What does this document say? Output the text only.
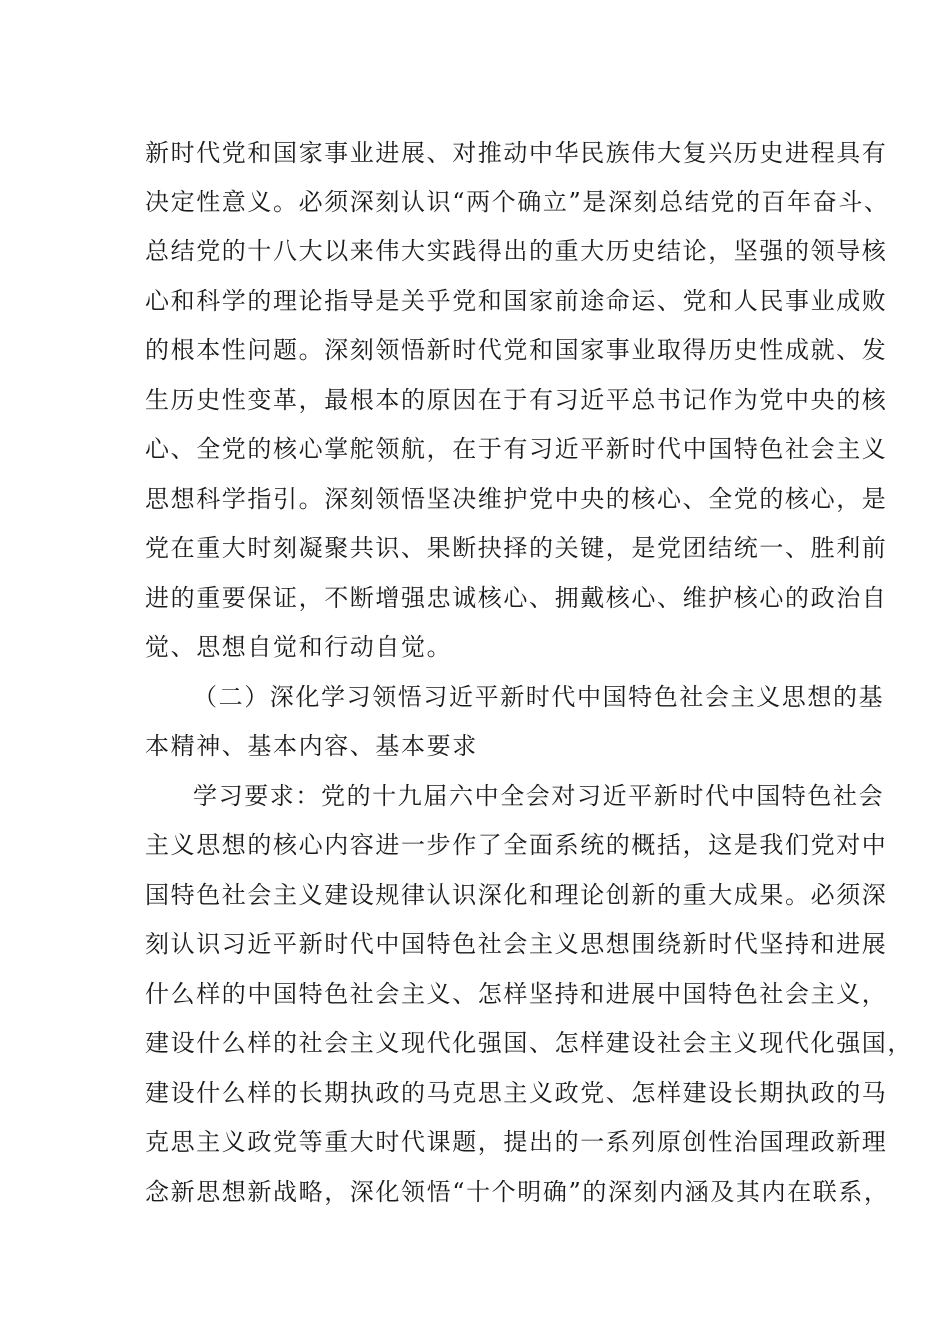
新时代党和国家事业进展、对推动中华民族伟大复兴历史进程具有
决定性意义。必须深刻认识“两个确立”是深刻总结党的百年奋斗、
总结党的十八大以来伟大实践得出的重大历史结论，坚强的领导核
心和科学的理论指导是关乎党和国家前途命运、党和人民事业成败
的根本性问题。深刻领悟新时代党和国家事业取得历史性成就、发
生历史性变革，最根本的原因在于有习近平总书记作为党中央的核
心、全党的核心掌舵领航，在于有习近平新时代中国特色社会主义
思想科学指引。深刻领悟坚决维护党中央的核心、全党的核心，是
党在重大时刻凝聚共识、果断抉择的关键，是党团结统一、胜利前
进的重要保证，不断增强忠诚核心、拥戴核心、维护核心的政治自
觉、思想自觉和行动自觉。
（二）深化学习领悟习近平新时代中国特色社会主义思想的基
本精神、基本内容、基本要求
学习要求：党的十九届六中全会对习近平新时代中国特色社会
主义思想的核心内容进一步作了全面系统的概括，这是我们党对中
国特色社会主义建设规律认识深化和理论创新的重大成果。必须深
刻认识习近平新时代中国特色社会主义思想围绕新时代坚持和进展
什么样的中国特色社会主义、怎样坚持和进展中国特色社会主义，
建设什么样的社会主义现代化强国、怎样建设社会主义现代化强国，
建设什么样的长期执政的马克思主义政党、怎样建设长期执政的马
克思主义政党等重大时代课题，提出的一系列原创性治国理政新理
念新思想新战略，深化领悟“十个明确”的深刻内涵及其内在联系，
